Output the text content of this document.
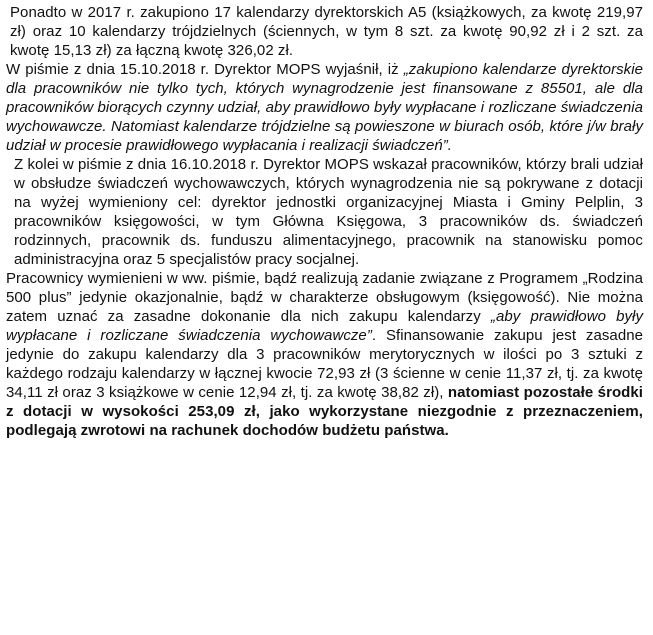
Ponadto w 2017 r. zakupiono 17 kalendarzy dyrektorskich A5 (książkowych, za kwotę 219,97 zł) oraz 10 kalendarzy trójdzielnych (ściennych, w tym 8 szt. za kwotę 90,92 zł i 2 szt. za kwotę 15,13 zł) za łączną kwotę 326,02 zł.

W piśmie z dnia 15.10.2018 r. Dyrektor MOPS wyjaśnił, iż „zakupiono kalendarze dyrektorskie dla pracowników nie tylko tych, których wynagrodzenie jest finansowane z 85501, ale dla pracowników biorących czynny udział, aby prawidłowo były wypłacane i rozliczane świadczenia wychowawcze. Natomiast kalendarze trójdzielne są powieszone w biurach osób, które j/w brały udział w procesie prawidłowego wypłacania i realizacji świadczeń”.

Z kolei w piśmie z dnia 16.10.2018 r. Dyrektor MOPS wskazał pracowników, którzy brali udział w obsłudze świadczeń wychowawczych, których wynagrodzenia nie są pokrywane z dotacji na wyżej wymieniony cel: dyrektor jednostki organizacyjnej Miasta i Gminy Pelplin, 3 pracowników księgowości, w tym Główna Księgowa, 3 pracowników ds. świadczeń rodzinnych, pracownik ds. funduszu alimentacyjnego, pracownik na stanowisku pomoc administracyjna oraz 5 specjalistów pracy socjalnej.

Pracownicy wymienieni w ww. piśmie, bądź realizują zadanie związane z Programem „Rodzina 500 plus” jedynie okazjonalnie, bądź w charakterze obsługowym (księgowość). Nie można zatem uznać za zasadne dokonanie dla nich zakupu kalendarzy „aby prawidłowo były wypłacane i rozliczane świadczenia wychowawcze”. Sfinansowanie zakupu jest zasadne jedynie do zakupu kalendarzy dla 3 pracowników merytorycznych w ilości po 3 sztuki z każdego rodzaju kalendarzy w łącznej kwocie 72,93 zł (3 ścienne w cenie 11,37 zł, tj. za kwotę 34,11 zł oraz 3 książkowe w cenie 12,94 zł, tj. za kwotę 38,82 zł), natomiast pozostałe środki z dotacji w wysokości 253,09 zł, jako wykorzystane niezgodnie z przeznaczeniem, podlegają zwrotowi na rachunek dochodów budżetu państwa.
